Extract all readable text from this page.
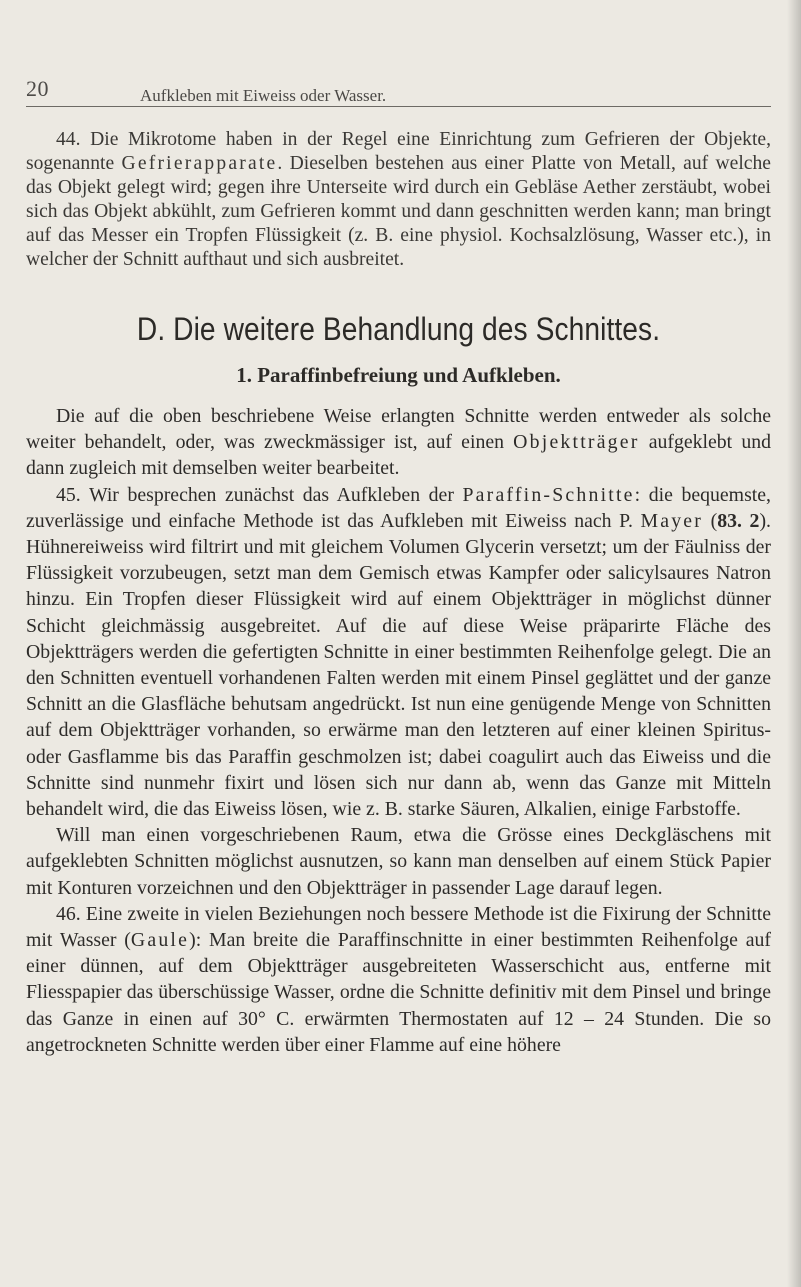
20	Aufkleben mit Eiweiss oder Wasser.

44. Die Mikrotome haben in der Regel eine Einrichtung zum Gefrieren der Objekte, sogenannte Gefrierapparate. Dieselben bestehen aus einer Platte von Metall, auf welche das Objekt gelegt wird; gegen ihre Unterseite wird durch ein Gebläse Aether zerstäubt, wobei sich das Objekt abkühlt, zum Gefrieren kommt und dann geschnitten werden kann; man bringt auf das Messer ein Tropfen Flüssigkeit (z. B. eine physiol. Kochsalzlösung, Wasser etc.), in welcher der Schnitt aufthaut und sich ausbreitet.

D. Die weitere Behandlung des Schnittes.
1. Paraffinbefreiung und Aufkleben.

Die auf die oben beschriebene Weise erlangten Schnitte werden entweder als solche weiter behandelt, oder, was zweckmässiger ist, auf einen Objektträger aufgeklebt und dann zugleich mit demselben weiter bearbeitet.

45. Wir besprechen zunächst das Aufkleben der Paraffin-Schnitte: die bequemste, zuverlässige und einfache Methode ist das Aufkleben mit Eiweiss nach P. Mayer (83. 2). Hühnereiweiss wird filtrirt und mit gleichem Volumen Glycerin versetzt; um der Fäulniss der Flüssigkeit vorzubeugen, setzt man dem Gemisch etwas Kampfer oder salicylsaures Natron hinzu. Ein Tropfen dieser Flüssigkeit wird auf einem Objektträger in möglichst dünner Schicht gleichmässig ausgebreitet. Auf die auf diese Weise präparirte Fläche des Objektträgers werden die gefertigten Schnitte in einer bestimmten Reihenfolge gelegt. Die an den Schnitten eventuell vorhandenen Falten werden mit einem Pinsel geglättet und der ganze Schnitt an die Glasfläche behutsam angedrückt. Ist nun eine genügende Menge von Schnitten auf dem Objektträger vorhanden, so erwärme man den letzteren auf einer kleinen Spiritus- oder Gasflamme bis das Paraffin geschmolzen ist; dabei coagulirt auch das Eiweiss und die Schnitte sind nunmehr fixirt und lösen sich nur dann ab, wenn das Ganze mit Mitteln behandelt wird, die das Eiweiss lösen, wie z. B. starke Säuren, Alkalien, einige Farbstoffe.

Will man einen vorgeschriebenen Raum, etwa die Grösse eines Deckgläschens mit aufgeklebten Schnitten möglichst ausnutzen, so kann man denselben auf einem Stück Papier mit Konturen vorzeichnen und den Objektträger in passender Lage darauf legen.

46. Eine zweite in vielen Beziehungen noch bessere Methode ist die Fixirung der Schnitte mit Wasser (Gaule): Man breite die Paraffinschnitte in einer bestimmten Reihenfolge auf einer dünnen, auf dem Objektträger ausgebreiteten Wasserschicht aus, entferne mit Fliesspapier das überschüssige Wasser, ordne die Schnitte definitiv mit dem Pinsel und bringe das Ganze in einen auf 30° C. erwärmten Thermostaten auf 12 – 24 Stunden. Die so angetrockneten Schnitte werden über einer Flamme auf eine höhere
